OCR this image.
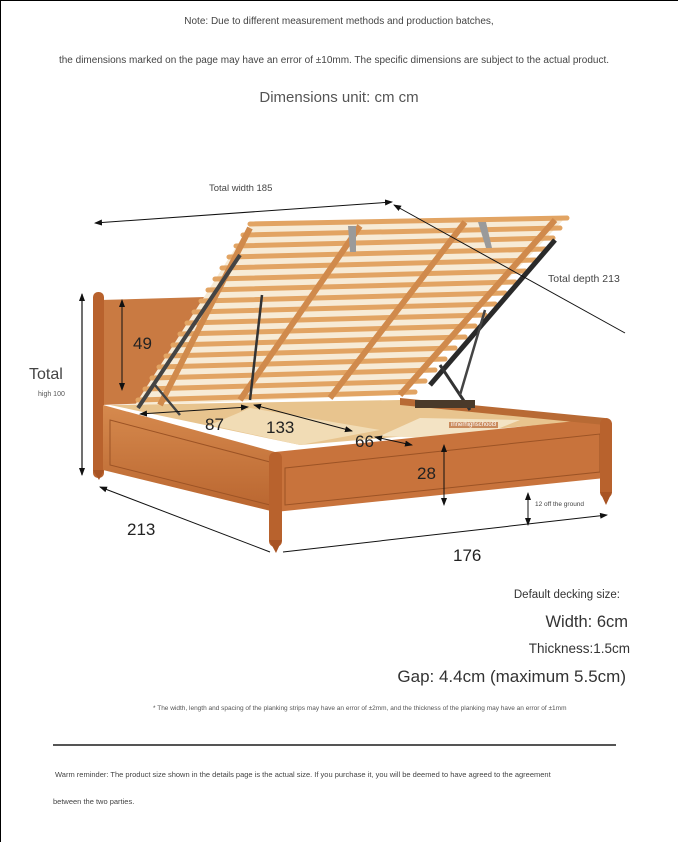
Note: Due to different measurement methods and production batches,
the dimensions marked on the page may have an error of ±10mm. The specific dimensions are subject to the actual product.
Dimensions unit: cm cm
Total width 185
Total depth 213
Total
high 100
49
87 133
66
innerhighschool3
28
12 off the ground
213
176
Default decking size:
Width: 6cm
Thickness:1.5cm
Gap: 4.4cm (maximum 5.5cm)
* The width, length and spacing of the planking strips may have an error of ±2mm, and the thickness of the planking may have an error of ±1mm
Warm reminder: The product size shown in the details page is the actual size. If you purchase it, you will be deemed to have agreed to the agreement
between the two parties.
